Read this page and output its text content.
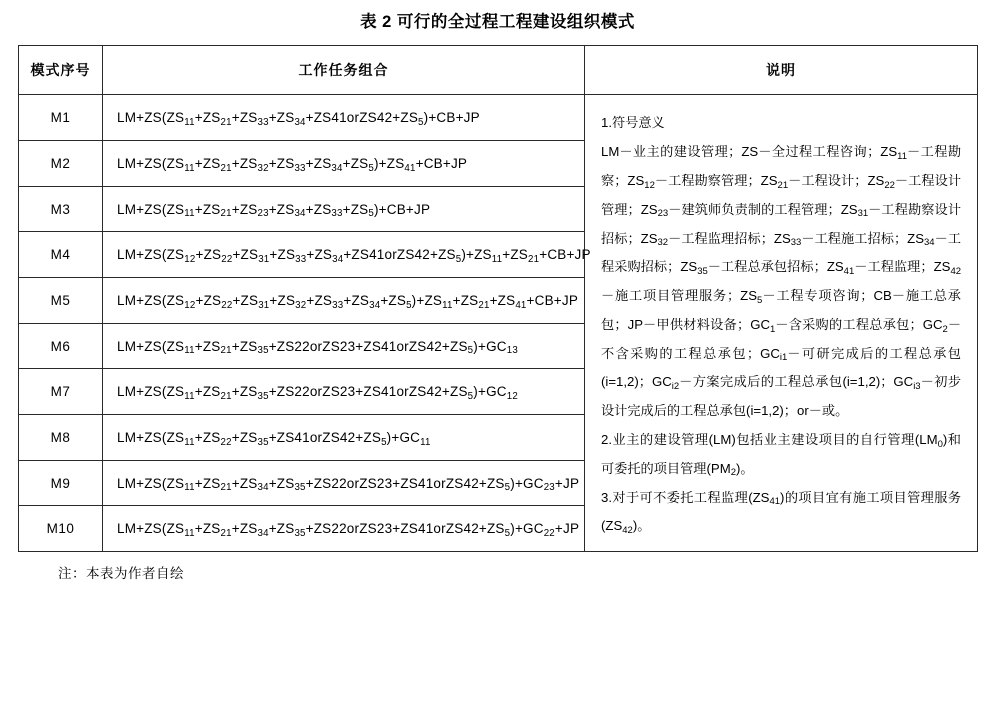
表 2 可行的全过程工程建设组织模式
模式序号	工作任务组合	说明
M1	$LM+ZS(ZS_{11}+ZS_{21}+ZS_{33}+ZS_{34}+ZS41orZS42+ZS_5)+CB+JP$	1.符号意义

LM－业主的建设管理；ZS－全过程工程咨询；$ZS_{11}-$工程勘察；$ZS_{12}-$工程勘察管理；$ZS_{21}-$工程设计；$ZS_{22}-$工程设计管理；$ZS_{23}-$建筑师负责制的工程管理；$ZS_{31}-$工程勘察设计招标；$ZS_{32}-$工程监理招标；$ZS_{33}-$工程施工招标；$ZS_{34}-$工程采购招标；$ZS_{35}-$工程总承包招标；$ZS_{41}-$工程监理；$ZS_{42}-$施工项目管理服务；$ZS_5-$工程专项咨询；CB－施工总承包；JP－甲供材料设备；$GC_1-$含采购的工程总承包；$GC_2-$不含采购的工程总承包；$GC_{i1}-$可研完成后的工程总承包(i=1,2)；$GC_{i2}-$方案完成后的工程总承包(i=1,2)；$GC_{i3}-$初步设计完成后的工程总承包(i=1,2)；or－或。

2.业主的建设管理(LM)包括业主建设项目的自行管理$(LM_0)$和可委托的项目管理$(PM_2)$。

3.对于可不委托工程监理$(ZS_{41})$的项目宜有施工项目管理服务$(ZS_{42})$。

M2	$LM+ZS(ZS_{11}+ZS_{21}+ZS_{32}+ZS_{33}+ZS_{34}+ZS_5)+ZS_{41}+CB+JP$	
M3	$LM+ZS(ZS_{11}+ZS_{21}+ZS_{23}+ZS_{34}+ZS_{33}+ZS_5)+CB+JP$	
M4	$LM+ZS(ZS_{12}+ZS_{22}+ZS_{31}+ZS_{33}+ZS_{34}+ZS41orZS42+ZS_5)+ZS_{11}+ZS_{21}+CB+JP$	
M5	$LM+ZS(ZS_{12}+ZS_{22}+ZS_{31}+ZS_{32}+ZS_{33}+ZS_{34}+ZS_5)+ZS_{11}+ZS_{21}+ZS_{41}+CB+JP$	
M6	$LM+ZS(ZS_{11}+ZS_{21}+ZS_{35}+ZS22orZS23+ZS41orZS42+ZS_5)+GC_{13}$
M7	$LM+ZS(ZS_{11}+ZS_{21}+ZS_{35}+ZS22orZS23+ZS41orZS42+ZS_5)+GC_{12}$
M8	$LM+ZS(ZS_{11}+ZS_{22}+ZS_{35}+ZS41orZS42+ZS_5)+GC_{11}$
M9	$LM+ZS(ZS_{11}+ZS_{21}+ZS_{34}+ZS_{35}+ZS22orZS23+ZS41orZS42+ZS_5)+GC_{23}+JP$	
M10	$LM+ZS(ZS_{11}+ZS_{21}+ZS_{34}+ZS_{35}+ZS22orZS23+ZS41orZS42+ZS_5)+GC_{22}+JP$	
注：本表为作者自绘
